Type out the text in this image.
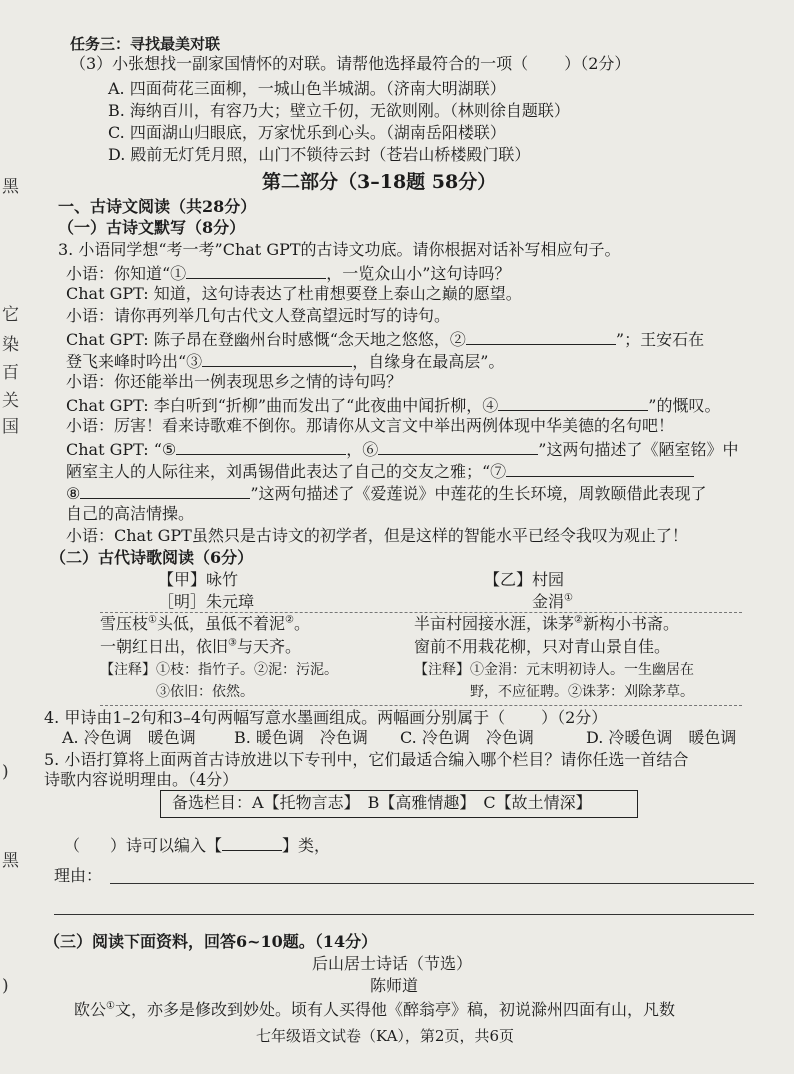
黑
它
染
百
关
国
)
黑
)
任务三：寻找最美对联
（3）小张想找一副家国情怀的对联。请帮他选择最符合的一项（ ）（2分）
A. 四面荷花三面柳，一城山色半城湖。（济南大明湖联）
B. 海纳百川，有容乃大；壁立千仞，无欲则刚。（林则徐自题联）
C. 四面湖山归眼底，万家忧乐到心头。（湖南岳阳楼联）
D. 殿前无灯凭月照，山门不锁待云封（苍岩山桥楼殿门联）
第二部分（3–18题 58分）
一、古诗文阅读（共28分）
（一）古诗文默写（8分）
3. 小语同学想“考一考”Chat GPT的古诗文功底。请你根据对话补写相应句子。
小语：你知道“①	，一览众山小”这句诗吗？
Chat GPT: 知道，这句诗表达了杜甫想要登上泰山之巅的愿望。
小语：请你再列举几句古代文人登高望远时写的诗句。
Chat GPT: 陈子昂在登幽州台时感慨“念天地之悠悠，②	”；王安石在
登飞来峰时吟出“③	，自缘身在最高层”。
小语：你还能举出一例表现思乡之情的诗句吗？
Chat GPT: 李白听到“折柳”曲而发出了“此夜曲中闻折柳，④	”的慨叹。
小语：厉害！看来诗歌难不倒你。那请你从文言文中举出两例体现中华美德的名句吧！
Chat GPT: “⑤	，⑥	”这两句描述了《陋室铭》中
陋室主人的人际往来，刘禹锡借此表达了自己的交友之雅；“⑦
⑧	”这两句描述了《爱莲说》中莲花的生长环境，周敦颐借此表现了
自己的高洁情操。
小语：Chat GPT虽然只是古诗文的初学者，但是这样的智能水平已经令我叹为观止了！
（二）古代诗歌阅读（6分）
【甲】咏竹
［明］朱元璋
【乙】村园
金涓①
雪压枝①头低，虽低不着泥②。
一朝红日出，依旧③与天齐。
【注释】①枝：指竹子。②泥：污泥。
③依旧：依然。
半亩村园接水涯，诛茅②新构小书斋。
窗前不用栽花柳，只对青山景自佳。
【注释】①金涓：元末明初诗人。一生幽居在
野，不应征聘。②诛茅：刈除茅草。
4. 甲诗由1–2句和3–4句两幅写意水墨画组成。两幅画分别属于（ ）（2分）
A. 冷色调　暖色调 B. 暖色调　冷色调 C. 冷色调　冷色调	D. 冷暖色调　暖色调
5. 小语打算将上面两首古诗放进以下专刊中，它们最适合编入哪个栏目？请你任选一首结合
诗歌内容说明理由。（4分）
备选栏目：A【托物言志】  B【高雅情趣】  C【故土情深】
（ ）诗可以编入【	】类，
理由：
（三）阅读下面资料，回答6~10题。（14分）
后山居士诗话（节选）
陈师道
欧公①文，亦多是修改到妙处。顷有人买得他《醉翁亭》稿，初说滁州四面有山，凡数
七年级语文试卷（KA），第2页，共6页
